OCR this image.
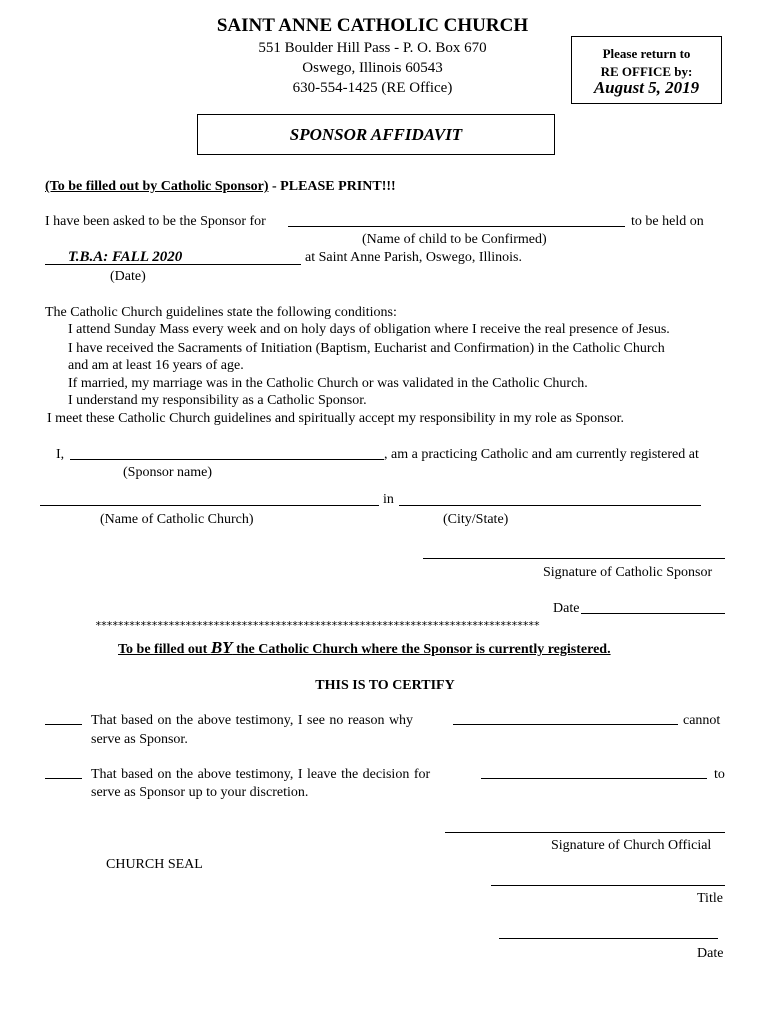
SAINT ANNE CATHOLIC CHURCH
551 Boulder Hill Pass - P. O. Box 670
Oswego, Illinois 60543
630-554-1425 (RE Office)
Please return to
RE OFFICE by:
August 5, 2019
SPONSOR AFFIDAVIT
(To be filled out by Catholic Sponsor) - PLEASE PRINT!!!
I have been asked to be the Sponsor for	to be held on
(Name of child to be Confirmed)
T.B.A: FALL 2020	at Saint Anne Parish, Oswego, Illinois.
(Date)
The Catholic Church guidelines state the following conditions:
I attend Sunday Mass every week and on holy days of obligation where I receive the real presence of Jesus.
I have received the Sacraments of Initiation (Baptism, Eucharist and Confirmation) in the Catholic Church
and am at least 16 years of age.
If married, my marriage was in the Catholic Church or was validated in the Catholic Church.
I understand my responsibility as a Catholic Sponsor.
I meet these Catholic Church guidelines and spiritually accept my responsibility in my role as Sponsor.
I,	, am a practicing Catholic and am currently registered at
(Sponsor name)
in
(Name of Catholic Church)	(City/State)
Signature of Catholic Sponsor
Date
*******************************************************************************
To be filled out BY the Catholic Church where the Sponsor is currently registered.
THIS IS TO CERTIFY
That based on the above testimony, I see no reason why	cannot
serve as Sponsor.
That based on the above testimony, I leave the decision for	to
serve as Sponsor up to your discretion.
Signature of Church Official
CHURCH SEAL
Title
Date
